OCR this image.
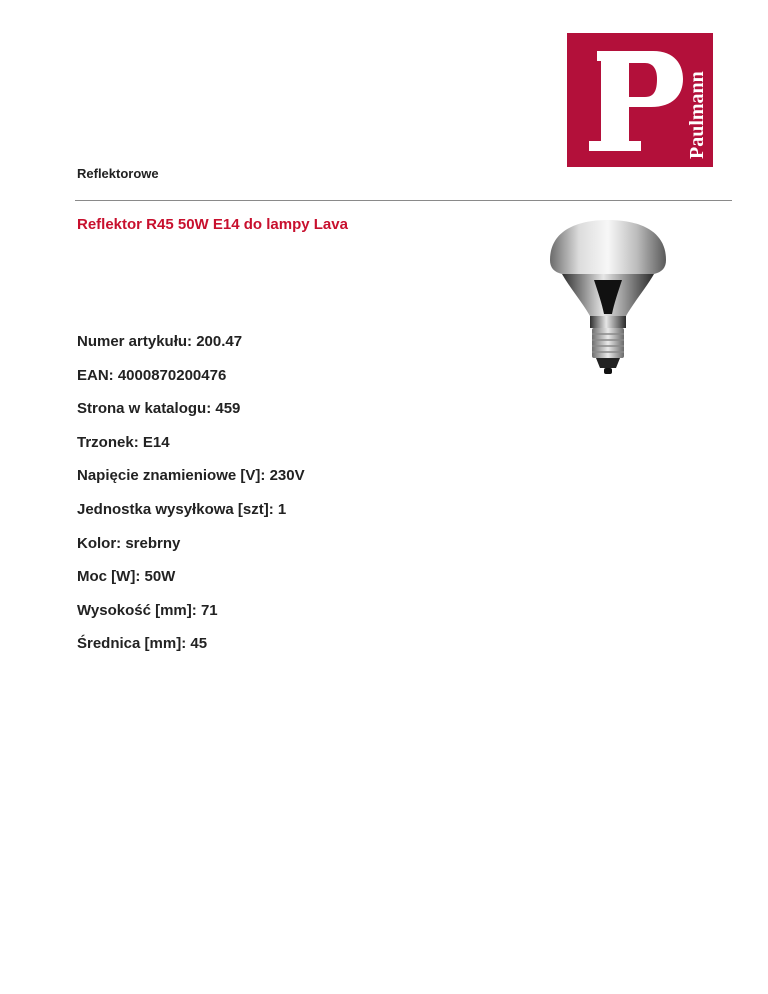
Paulmann
Reflektorowe
Reflektor R45 50W E14 do lampy Lava
Numer artykułu: 200.47
EAN: 4000870200476
Strona w katalogu: 459
Trzonek: E14
Napięcie znamieniowe [V]: 230V
Jednostka wysyłkowa [szt]: 1
Kolor: srebrny
Moc [W]: 50W
Wysokość [mm]: 71
Średnica [mm]: 45
